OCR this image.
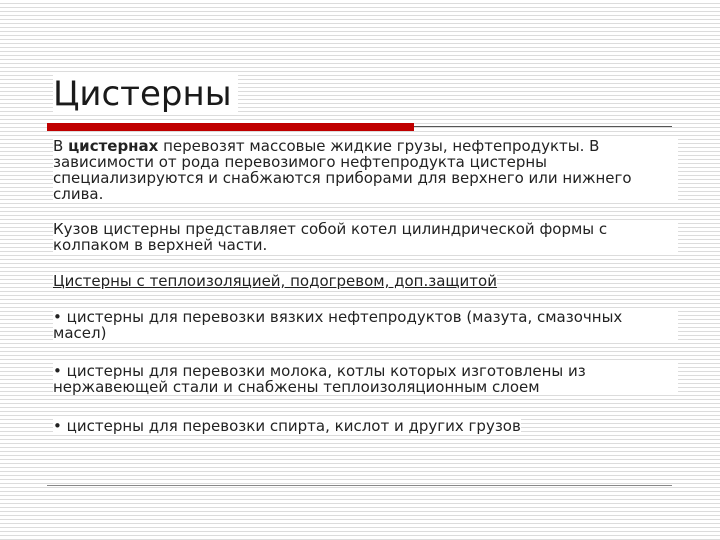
Цистерны

В цистернах перевозят массовые жидкие грузы, нефтепродукты. В зависимости от рода перевозимого нефтепродукта цистерны специализируются и снабжаются приборами для верхнего или нижнего слива.

Кузов цистерны представляет собой котел цилиндрической формы с колпаком в верхней части.

Цистерны с теплоизоляцией, подогревом, доп.защитой

• цистерны для перевозки вязких нефтепродуктов (мазута, смазочных масел)

• цистерны для перевозки молока, котлы которых изготовлены из нержавеющей стали и снабжены теплоизоляционным слоем

• цистерны для перевозки спирта, кислот и других грузов
